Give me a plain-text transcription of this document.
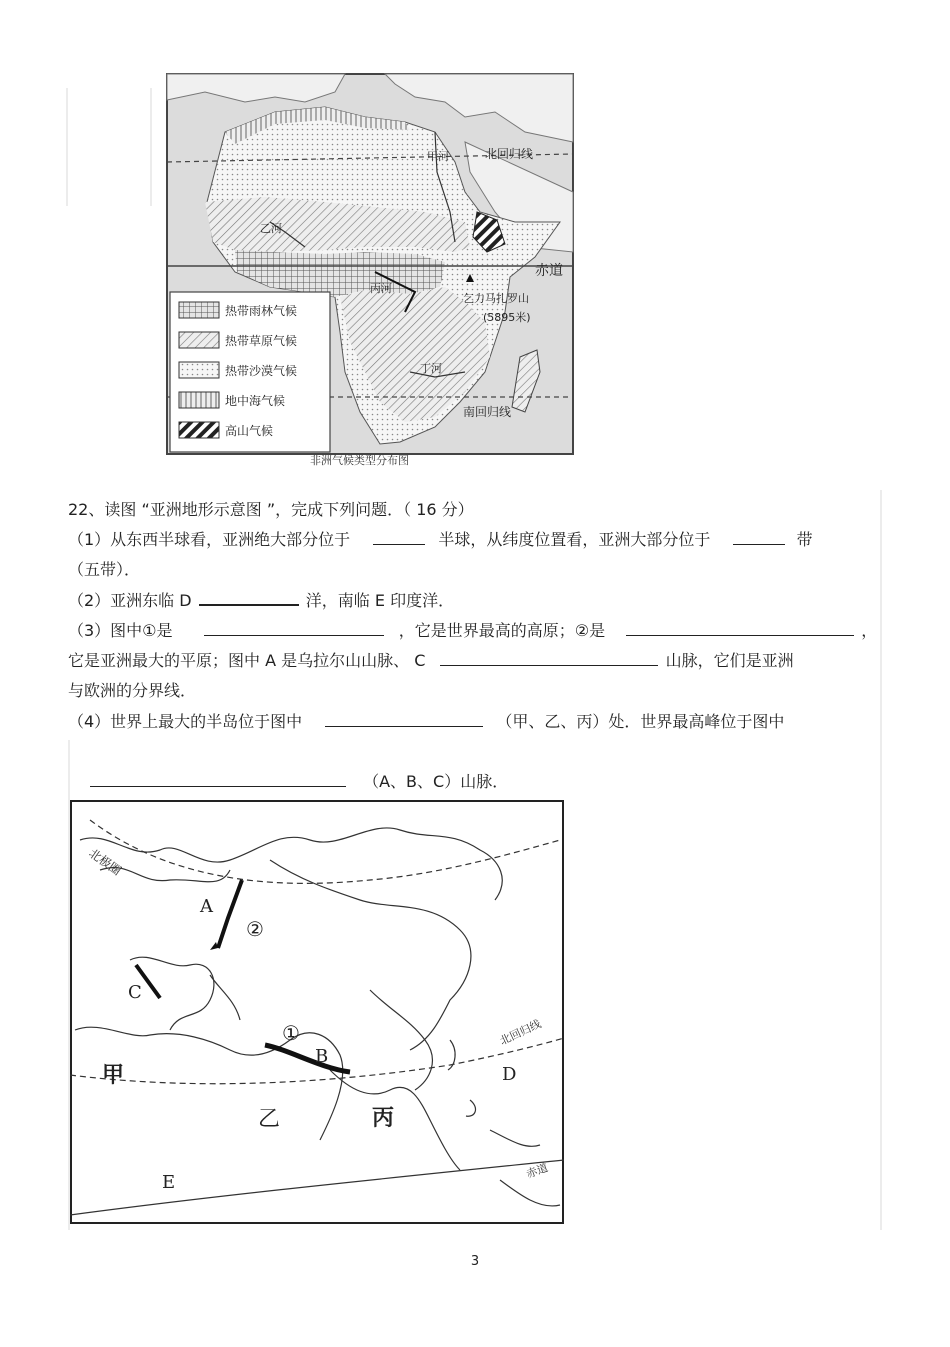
甲河
乙河
丙河
丁河
北回归线
南回归线
赤道
乞力马扎罗山
(5895米)
热带雨林气候
热带草原气候
热带沙漠气候
地中海气候
高山气候
非洲气候类型分布图
22、读图 “亚洲地形示意图 ”，完成下列问题．（ 16 分）
（1）从东西半球看，亚洲绝大部分位于	半球，从纬度位置看，亚洲大部分位于	带
（五带）．
（2）亚洲东临 D	洋，南临 E 印度洋．
（3）图中①是	，它是世界最高的高原；②是	，
它是亚洲最大的平原；图中 A 是乌拉尔山山脉、 C	山脉，它们是亚洲
与欧洲的分界线．
（4）世界上最大的半岛位于图中	（甲、乙、丙）处．世界最高峰位于图中
（A、B、C）山脉．
北极圈
北回归线
赤道
A
B
C
D
E
甲
乙	丙
①
②
3
